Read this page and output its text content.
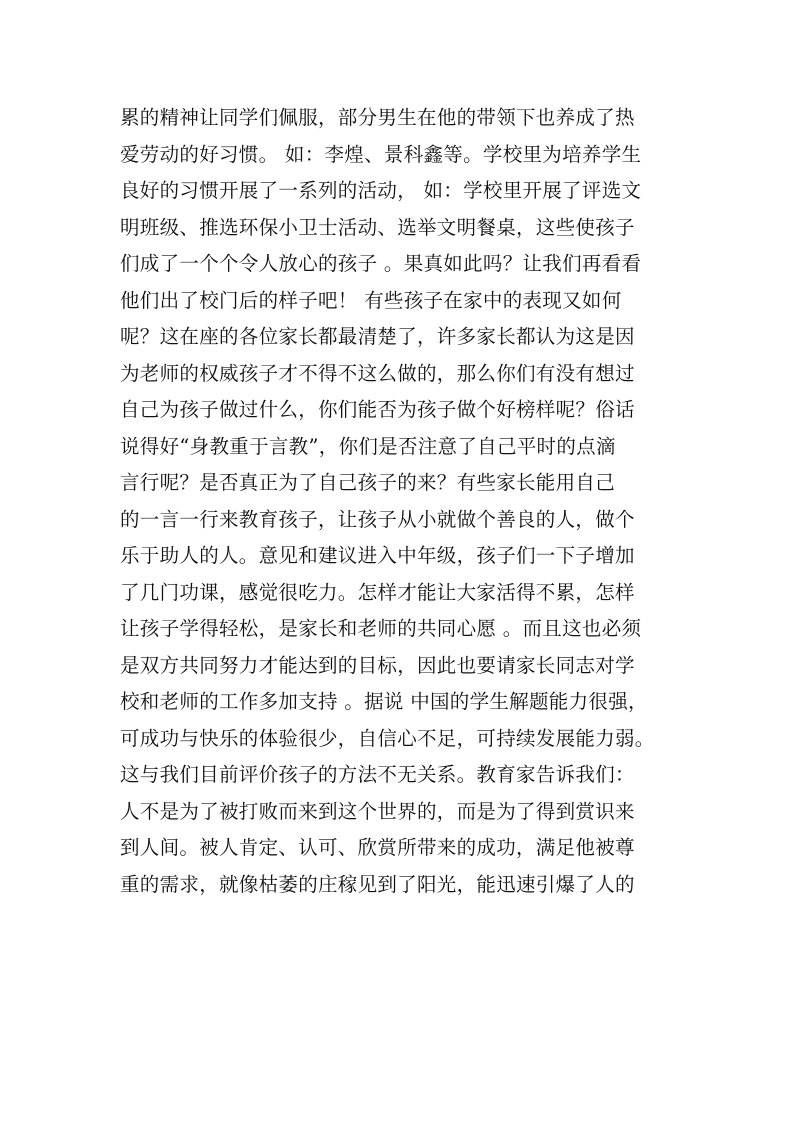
累的精神让同学们佩服，部分男生在他的带领下也养成了热
爱劳动的好习惯。 如：李煌、景科鑫等。学校里为培养学生
良好的习惯开展了一系列的活动， 如：学校里开展了评选文
明班级、推选环保小卫士活动、选举文明餐桌，这些使孩子
们成了一个个令人放心的孩子 。果真如此吗？让我们再看看
他们出了校门后的样子吧！ 有些孩子在家中的表现又如何
呢？这在座的各位家长都最清楚了，许多家长都认为这是因
为老师的权威孩子才不得不这么做的，那么你们有没有想过
自己为孩子做过什么，你们能否为孩子做个好榜样呢？俗话
说得好“身教重于言教”，你们是否注意了自己平时的点滴
言行呢？是否真正为了自己孩子的来？有些家长能用自己
的一言一行来教育孩子，让孩子从小就做个善良的人，做个
乐于助人的人。意见和建议进入中年级，孩子们一下子增加
了几门功课，感觉很吃力。怎样才能让大家活得不累，怎样
让孩子学得轻松，是家长和老师的共同心愿 。而且这也必须
是双方共同努力才能达到的目标，因此也要请家长同志对学
校和老师的工作多加支持 。据说 中国的学生解题能力很强，
可成功与快乐的体验很少，自信心不足，可持续发展能力弱。
这与我们目前评价孩子的方法不无关系。教育家告诉我们：
人不是为了被打败而来到这个世界的，而是为了得到赏识来
到人间。被人肯定、认可、欣赏所带来的成功，满足他被尊
重的需求，就像枯萎的庄稼见到了阳光，能迅速引爆了人的
